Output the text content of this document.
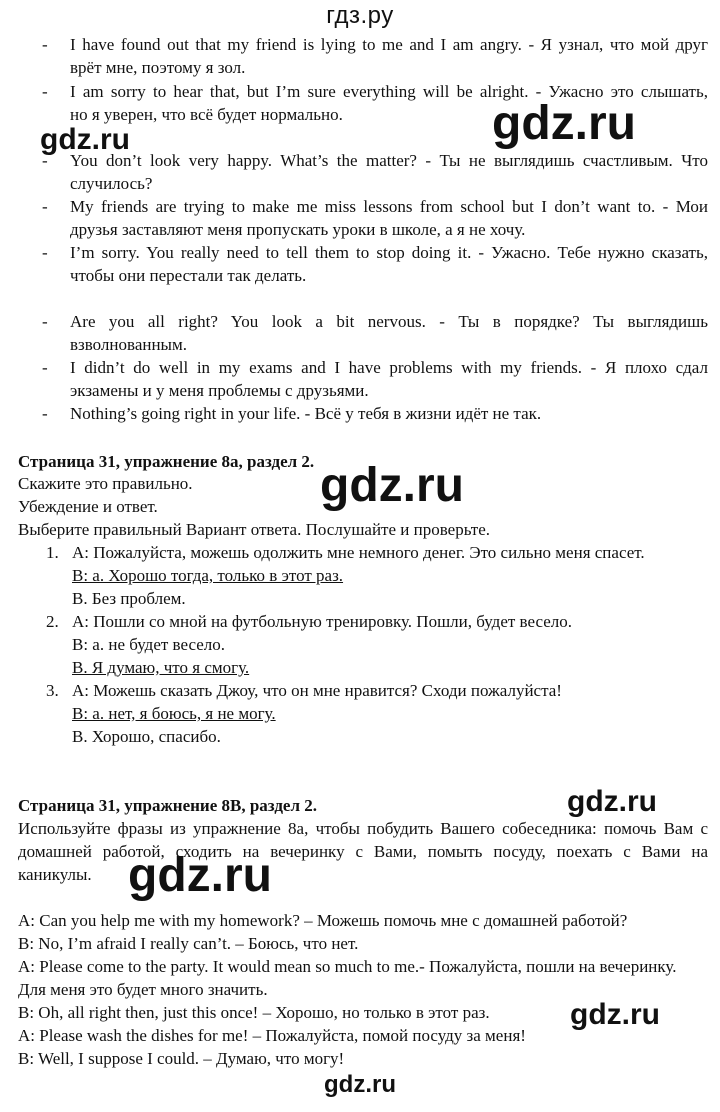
гдз.ру
gdz.ru	gdz.ru
gdz.ru
gdz.ru
gdz.ru
gdz.ru
- I have found out that my friend is lying to me and I am angry. - Я узнал, что мой друг
врёт мне, поэтому я зол.
- I am sorry to hear that, but I’m sure everything will be alright. - Ужасно это слышать,
но я уверен, что всё будет нормально.
- You don’t look very happy. What’s the matter? - Ты не выглядишь счастливым. Что
случилось?
- My friends are trying to make me miss lessons from school but I don’t want to. - Мои
друзья заставляют меня пропускать уроки в школе, а я не хочу.
- I’m sorry. You really need to tell them to stop doing it. - Ужасно. Тебе нужно сказать,
чтобы они перестали так делать.
- Are you all right? You look a bit nervous. - Ты в порядке? Ты выглядишь
взволнованным.
- I didn’t do well in my exams and I have problems with my friends. - Я плохо сдал
экзамены и у меня проблемы с друзьями.
- Nothing’s going right in your life. - Всё у тебя в жизни идёт не так.
Страница 31, упражнение 8а, раздел 2.
Скажите это правильно.
Убеждение и ответ.
Выберите правильный Вариант ответа. Послушайте и проверьте.
1. A: Пожалуйста, можешь одолжить мне немного денег. Это сильно меня спасет.
B: a. Хорошо тогда, только в этот раз.
B. Без проблем.
2. A: Пошли со мной на футбольную тренировку. Пошли, будет весело.
B: a. не будет весело.
B. Я думаю, что я смогу.
3. A: Можешь сказать Джоу, что он мне нравится? Сходи пожалуйста!
B: a. нет, я боюсь, я не могу.
B. Хорошо, спасибо.
Страница 31, упражнение 8B, раздел 2.
Используйте фразы из упражнение 8а, чтобы побудить Вашего собеседника: помочь Вам с
домашней работой, сходить на вечеринку с Вами, помыть посуду, поехать с Вами на
каникулы.
A: Can you help me with my homework? – Можешь помочь мне с домашней работой?
B: No, I’m afraid I really can’t. – Боюсь, что нет.
A: Please come to the party. It would mean so much to me.- Пожалуйста, пошли на вечеринку.
Для меня это будет много значить.
B: Oh, all right then, just this once! – Хорошо, но только в этот раз.
A: Please wash the dishes for me! – Пожалуйста, помой посуду за меня!
B: Well, I suppose I could. – Думаю, что могу!
gdz.ru
